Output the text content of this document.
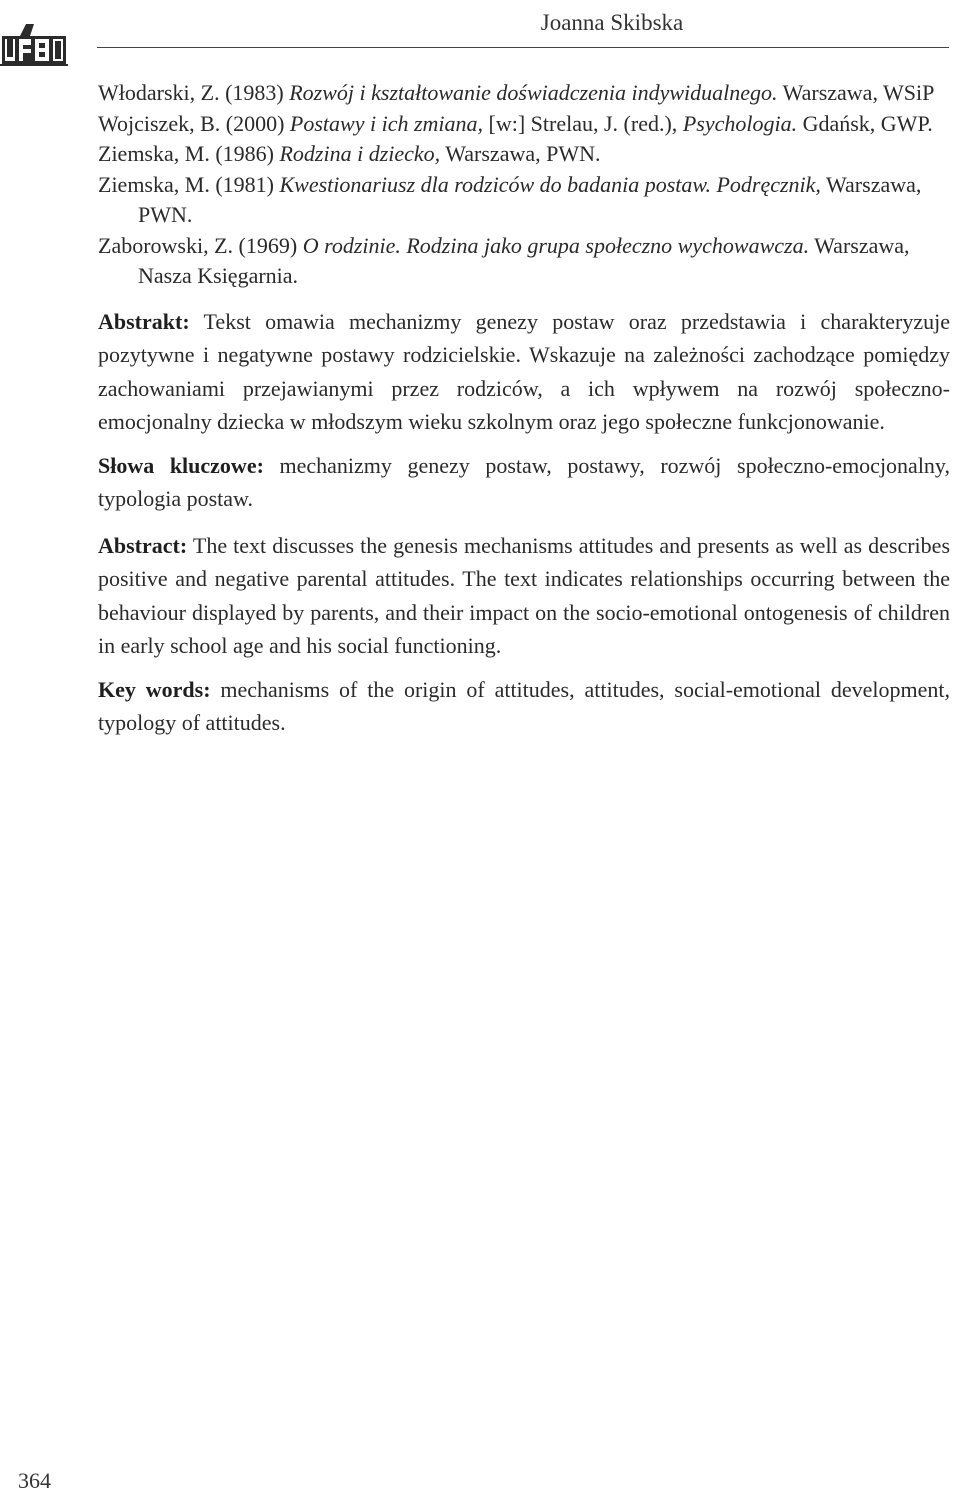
Joanna Skibska

Włodarski, Z. (1983) Rozwój i kształtowanie doświadczenia indywidualnego. Warszawa, WSiP

Wojciszek, B. (2000) Postawy i ich zmiana, [w:] Strelau, J. (red.), Psychologia. Gdańsk, GWP.

Ziemska, M. (1986) Rodzina i dziecko, Warszawa, PWN.

Ziemska, M. (1981) Kwestionariusz dla rodziców do badania postaw. Podręcznik, Warszawa, PWN.

Zaborowski, Z. (1969) O rodzinie. Rodzina jako grupa społeczno wychowawcza. Warszawa, Nasza Księgarnia.

Abstrakt: Tekst omawia mechanizmy genezy postaw oraz przedstawia i charakteryzuje pozytywne i negatywne postawy rodzicielskie. Wskazuje na zależności zachodzące pomiędzy zachowaniami przejawianymi przez rodziców, a ich wpływem na rozwój społeczno-emocjonalny dziecka w młodszym wieku szkolnym oraz jego społeczne funkcjonowanie.

Słowa kluczowe: mechanizmy genezy postaw, postawy, rozwój społeczno-emocjonalny, typologia postaw.

Abstract: The text discusses the genesis mechanisms attitudes and presents as well as describes positive and negative parental attitudes. The text indicates relationships occurring between the behaviour displayed by parents, and their impact on the socio-emotional ontogenesis of children in early school age and his social functioning.

Key words: mechanisms of the origin of attitudes, attitudes, social-emotional development, typology of attitudes.

364
